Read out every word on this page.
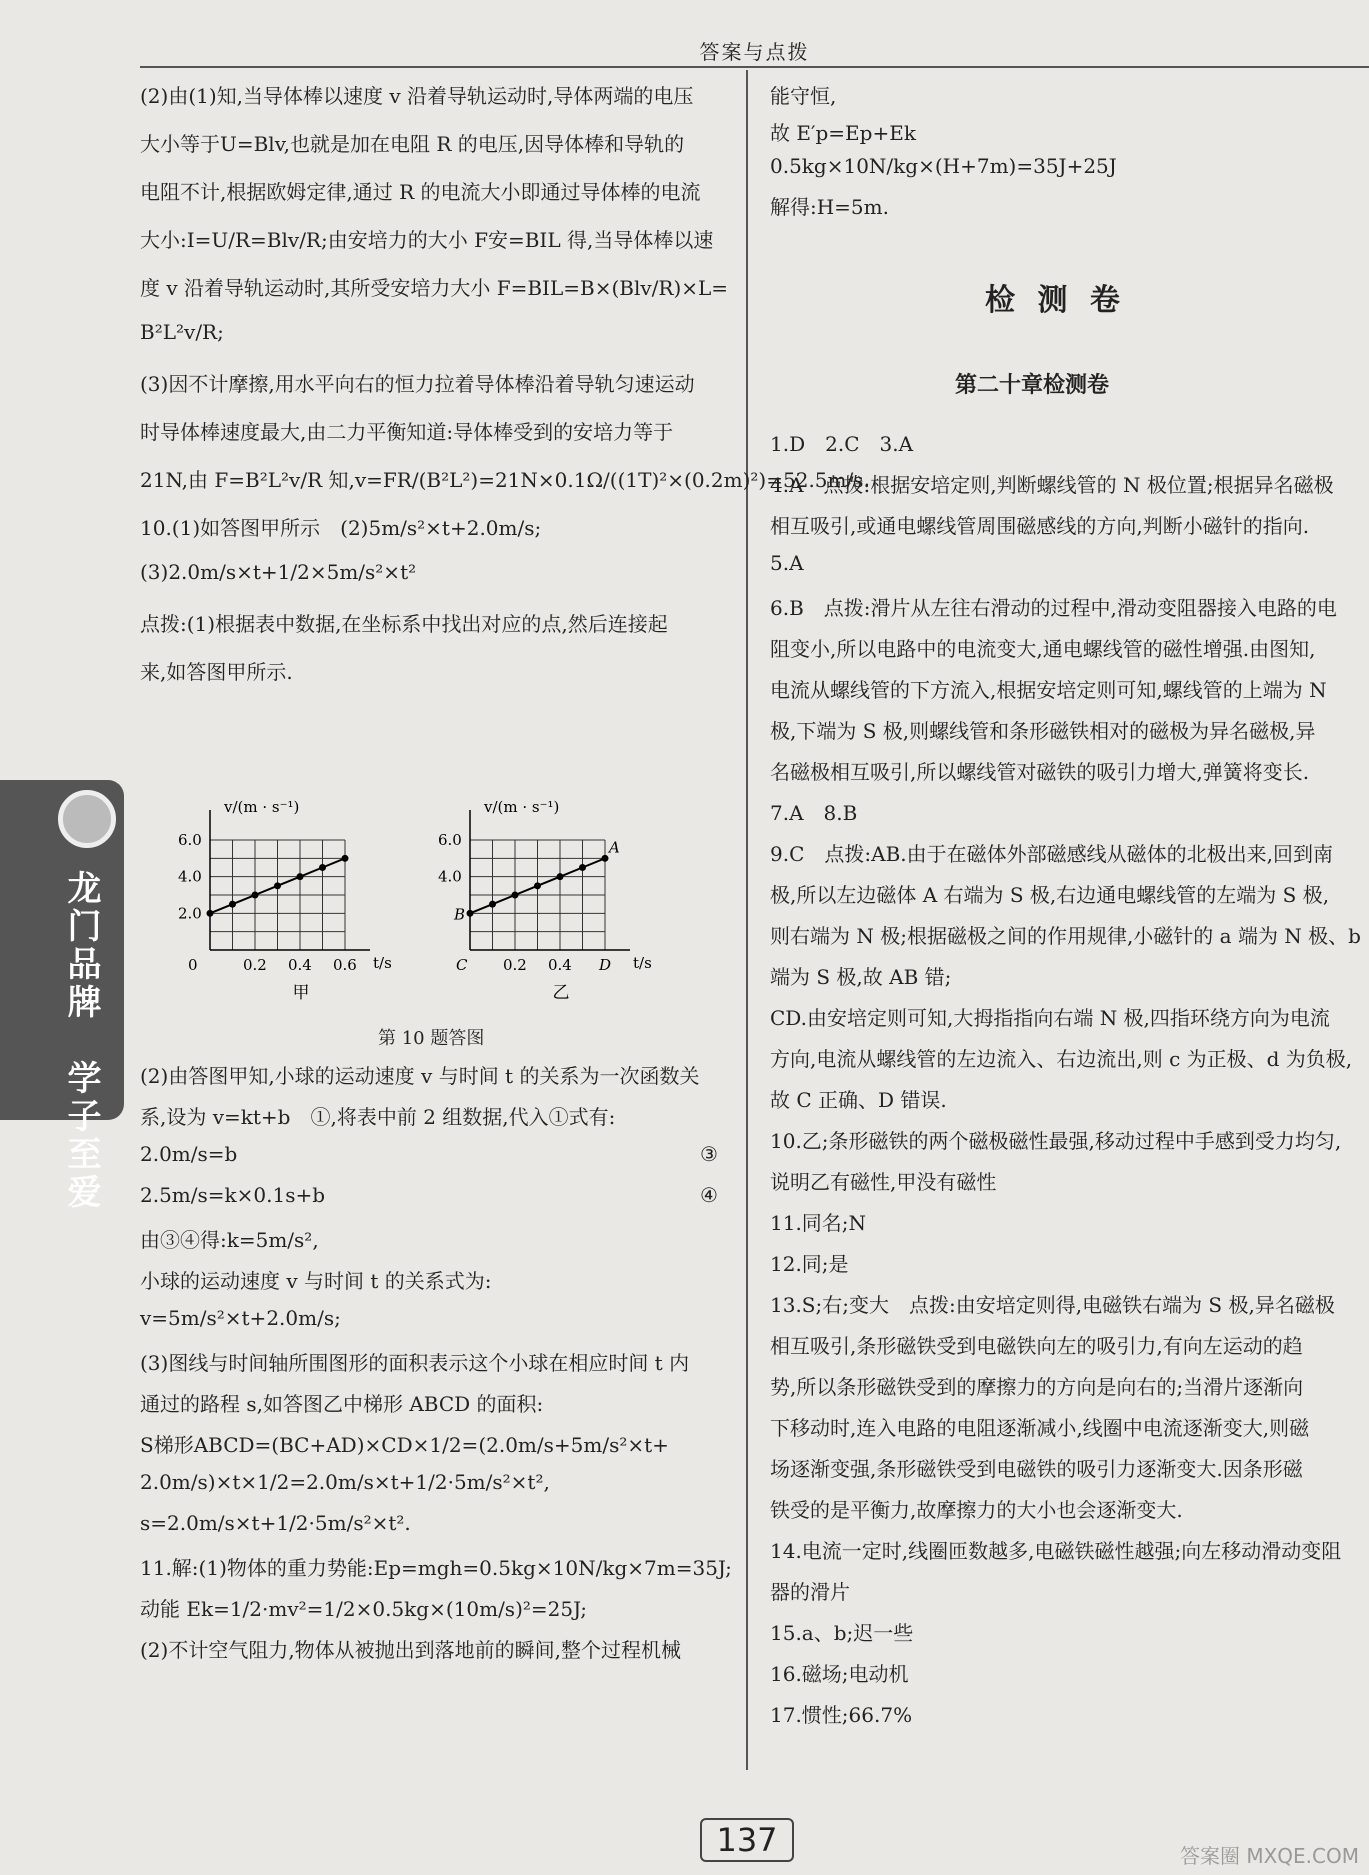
答案与点拨

(2)由(1)知,当导体棒以速度 v 沿着导轨运动时,导体两端的电压

大小等于U=Blv,也就是加在电阻 R 的电压,因导体棒和导轨的

电阻不计,根据欧姆定律,通过 R 的电流大小即通过导体棒的电流

大小:I=U/R=Blv/R;由安培力的大小 F安=BIL 得,当导体棒以速

度 v 沿着导轨运动时,其所受安培力大小 F=BIL=B×(Blv/R)×L=

B²L²v/R;

(3)因不计摩擦,用水平向右的恒力拉着导体棒沿着导轨匀速运动

时导体棒速度最大,由二力平衡知道:导体棒受到的安培力等于

21N,由 F=B²L²v/R 知,v=FR/(B²L²)=21N×0.1Ω/((1T)²×(0.2m)²)=52.5m/s.

10.(1)如答图甲所示　(2)5m/s²×t+2.0m/s;

(3)2.0m/s×t+1/2×5m/s²×t²

点拨:(1)根据表中数据,在坐标系中找出对应的点,然后连接起

来,如答图甲所示.

v/(m · s⁻¹)
t/s
甲
2.0
4.0
6.0
0	0.2 0.4 0.6
v/(m · s⁻¹)
t/s
乙
4.0
6.0
0.2 0.4
A
B
C	D
第 10 题答图

(2)由答图甲知,小球的运动速度 v 与时间 t 的关系为一次函数关

系,设为 v=kt+b　①,将表中前 2 组数据,代入①式有:

2.0m/s=b

2.5m/s=k×0.1s+b

由③④得:k=5m/s²,

小球的运动速度 v 与时间 t 的关系式为:

v=5m/s²×t+2.0m/s;

(3)图线与时间轴所围图形的面积表示这个小球在相应时间 t 内

通过的路程 s,如答图乙中梯形 ABCD 的面积:

S梯形ABCD=(BC+AD)×CD×1/2=(2.0m/s+5m/s²×t+

2.0m/s)×t×1/2=2.0m/s×t+1/2·5m/s²×t²,

s=2.0m/s×t+1/2·5m/s²×t².

11.解:(1)物体的重力势能:Ep=mgh=0.5kg×10N/kg×7m=35J;

动能 Ek=1/2·mv²=1/2×0.5kg×(10m/s)²=25J;

(2)不计空气阻力,物体从被抛出到落地前的瞬间,整个过程机械

③

④

能守恒,

故 E′p=Ep+Ek

0.5kg×10N/kg×(H+7m)=35J+25J

解得:H=5m.

检 测 卷
第二十章检测卷

1.D　2.C　3.A

4.A　点拨:根据安培定则,判断螺线管的 N 极位置;根据异名磁极

相互吸引,或通电螺线管周围磁感线的方向,判断小磁针的指向.

5.A

6.B　点拨:滑片从左往右滑动的过程中,滑动变阻器接入电路的电

阻变小,所以电路中的电流变大,通电螺线管的磁性增强.由图知,

电流从螺线管的下方流入,根据安培定则可知,螺线管的上端为 N

极,下端为 S 极,则螺线管和条形磁铁相对的磁极为异名磁极,异

名磁极相互吸引,所以螺线管对磁铁的吸引力增大,弹簧将变长.

7.A　8.B

9.C　点拨:AB.由于在磁体外部磁感线从磁体的北极出来,回到南

极,所以左边磁体 A 右端为 S 极,右边通电螺线管的左端为 S 极,

则右端为 N 极;根据磁极之间的作用规律,小磁针的 a 端为 N 极、b

端为 S 极,故 AB 错;

CD.由安培定则可知,大拇指指向右端 N 极,四指环绕方向为电流

方向,电流从螺线管的左边流入、右边流出,则 c 为正极、d 为负极,

故 C 正确、D 错误.

10.乙;条形磁铁的两个磁极磁性最强,移动过程中手感到受力均匀,

说明乙有磁性,甲没有磁性

11.同名;N

12.同;是

13.S;右;变大　点拨:由安培定则得,电磁铁右端为 S 极,异名磁极

相互吸引,条形磁铁受到电磁铁向左的吸引力,有向左运动的趋

势,所以条形磁铁受到的摩擦力的方向是向右的;当滑片逐渐向

下移动时,连入电路的电阻逐渐减小,线圈中电流逐渐变大,则磁

场逐渐变强,条形磁铁受到电磁铁的吸引力逐渐变大.因条形磁

铁受的是平衡力,故摩擦力的大小也会逐渐变大.

14.电流一定时,线圈匝数越多,电磁铁磁性越强;向左移动滑动变阻

器的滑片

15.a、b;迟一些

16.磁场;电动机

17.惯性;66.7%

龙门品牌　学子至爱
137	答案圈 MXQE.COM
